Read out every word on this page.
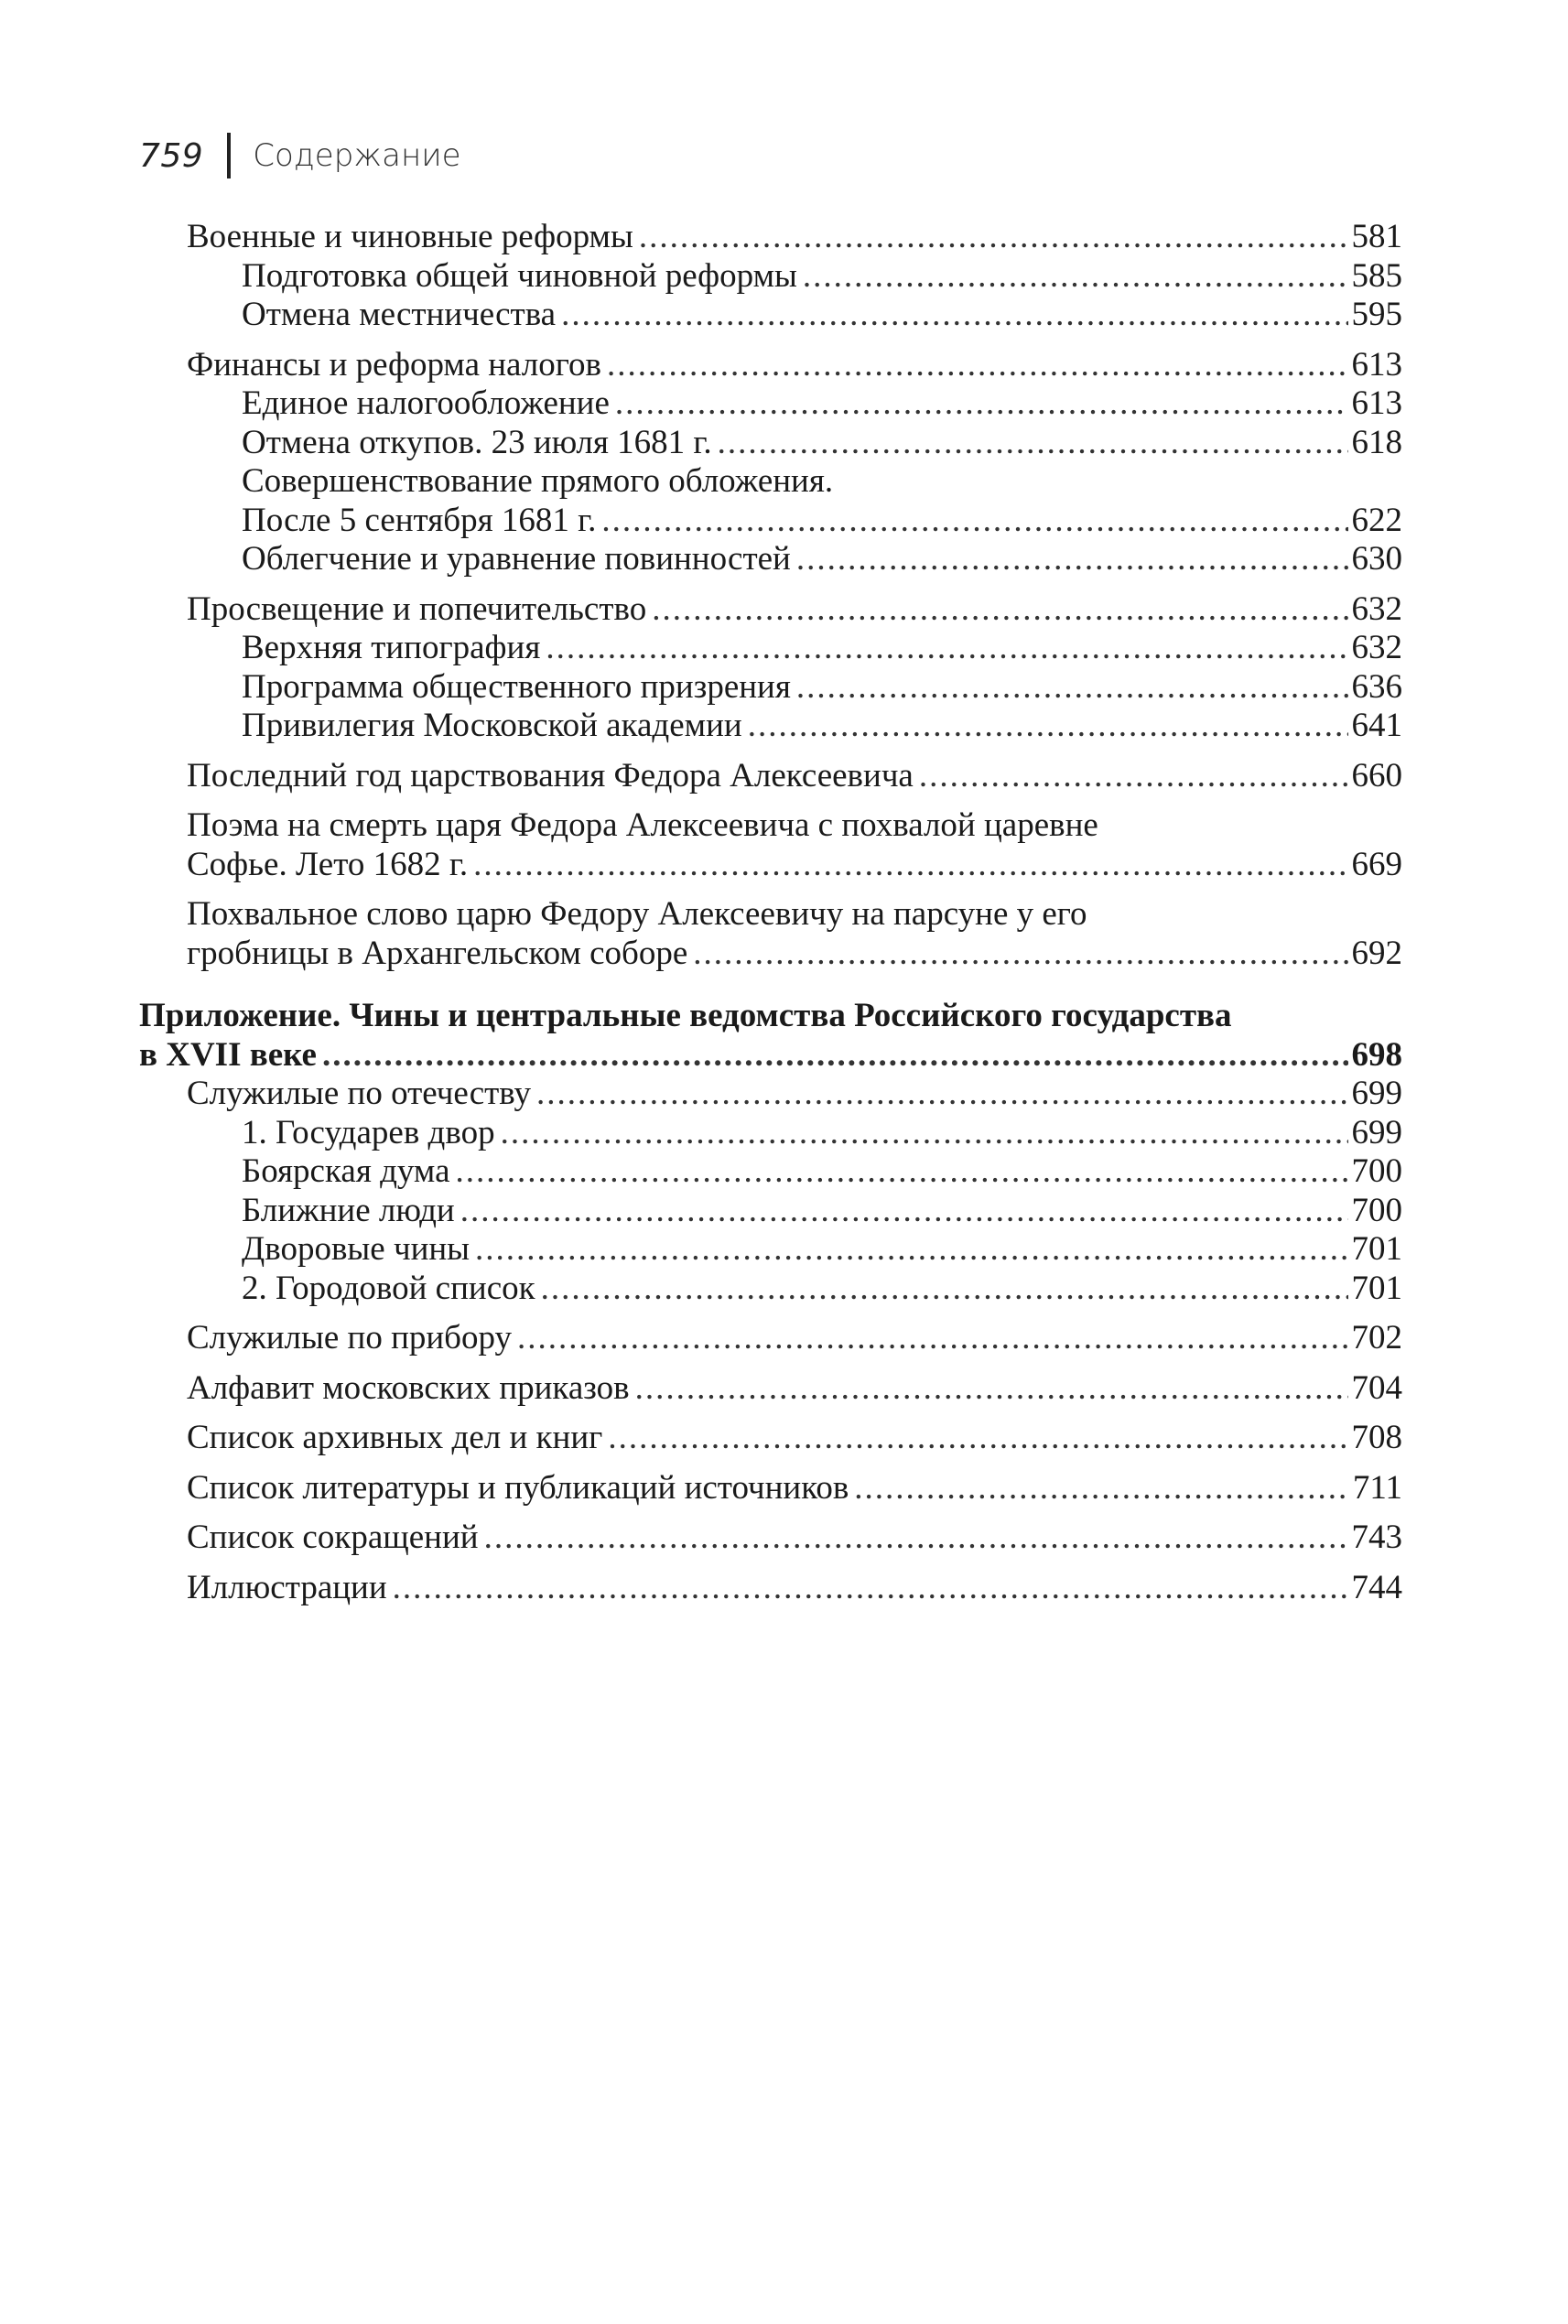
759 Содержание
Военные и чиновные реформы .....	581
Подготовка общей чиновной реформы .....	585
Отмена местничества .....	595
Финансы и реформа налогов .....	613
Единое налогообложение .....	613
Отмена откупов. 23 июля 1681 г. .....	618
Совершенствование прямого обложения.
После 5 сентября 1681 г. .....	622
Облегчение и уравнение повинностей .....	630
Просвещение и попечительство .....	632
Верхняя типография .....	632
Программа общественного призрения .....	636
Привилегия Московской академии .....	641
Последний год царствования Федора Алексеевича .....	660
Поэма на смерть царя Федора Алексеевича с похвалой царевне
Софье. Лето 1682 г. .....	669
Похвальное слово царю Федору Алексеевичу на парсуне у его
гробницы в Архангельском соборе .....	692
Приложение. Чины и центральные ведомства Российского государства
в XVII веке .....	698
Служилые по отечеству .....	699
1. Государев двор .....	699
Боярская дума .....	700
Ближние люди .....	700
Дворовые чины .....	701
2. Городовой список .....	701
Служилые по прибору .....	702
Алфавит московских приказов .....	704
Список архивных дел и книг .....	708
Список литературы и публикаций источников .....	711
Список сокращений .....	743
Иллюстрации .....	744
